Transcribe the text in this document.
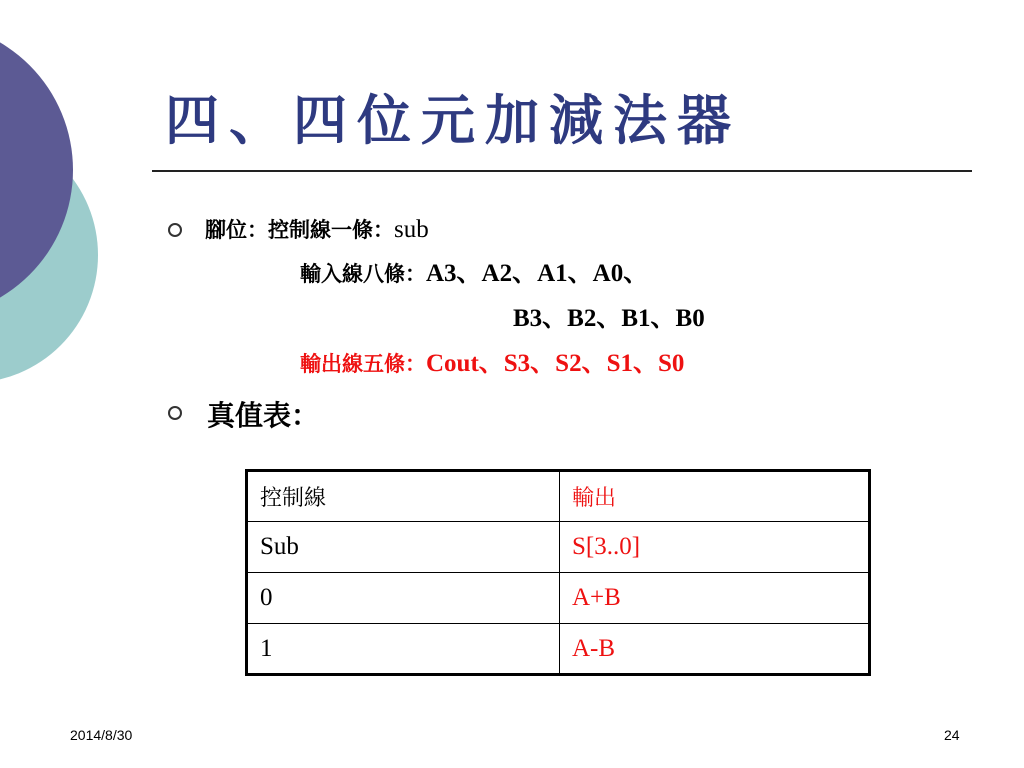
四、四位元加減法器
腳位：控制線一條：sub
輸入線八條：A3、A2、A1、A0、
B3、B2、B1、B0
輸出線五條：Cout、S3、S2、S1、S0
真值表：
控制線	輸出
Sub	S[3..0]
0	A+B
1	A-B
2014/8/30	24
